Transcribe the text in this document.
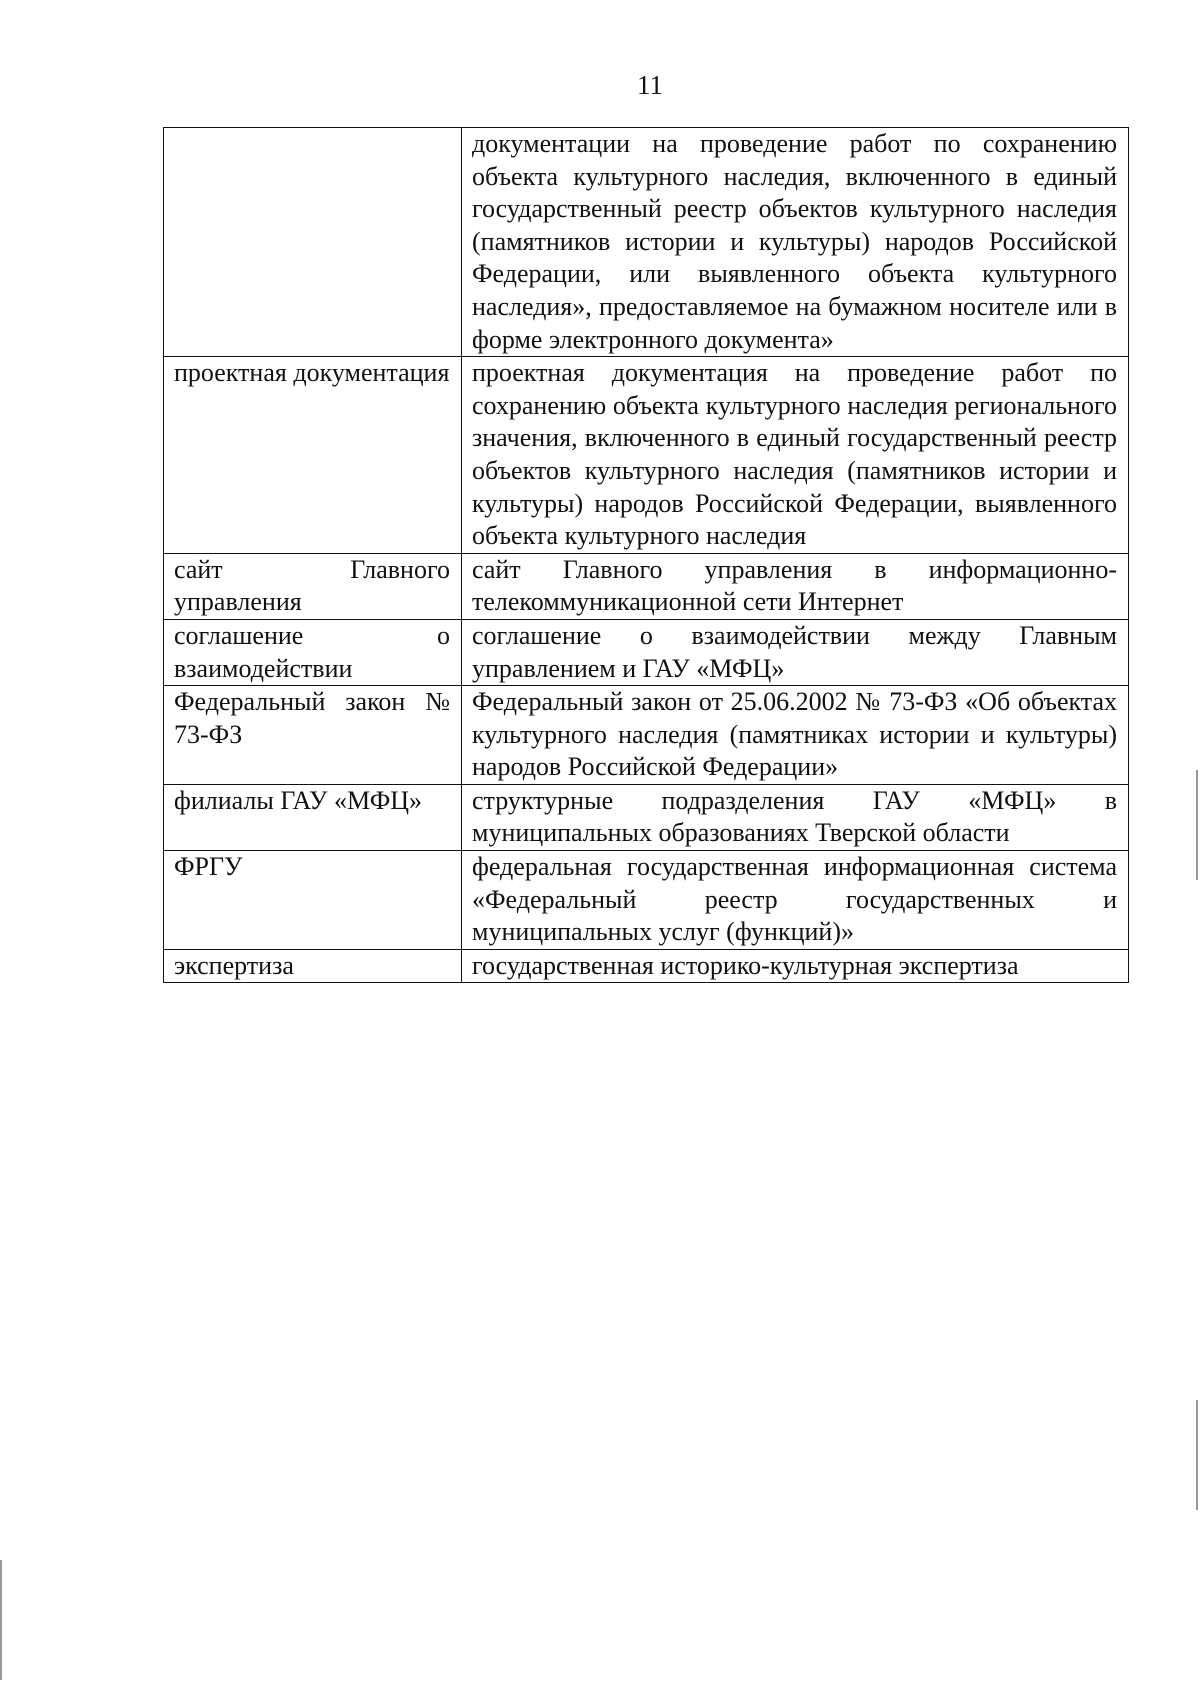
11
	документации на проведение работ по сохранению объекта культурного наследия, включенного в единый государственный реестр объектов культурного наследия (памятников истории и культуры) народов Российской Федерации, или выявленного объекта культурного наследия», предоставляемое на бумажном носителе или в форме электронного документа»
проектная документация	проектная документация на проведение работ по сохранению объекта культурного наследия регионального значения, включенного в единый государственный реестр объектов культурного наследия (памятников истории и культуры) народов Российской Федерации, выявленного объекта культурного наследия
сайт Главного управления	сайт Главного управления в информационно-телекоммуникационной сети Интернет
соглашение о взаимодействии	соглашение о взаимодействии между Главным управлением и ГАУ «МФЦ»
Федеральный закон № 73-ФЗ	Федеральный закон от 25.06.2002 № 73-ФЗ «Об объектах культурного наследия (памятниках истории и культуры) народов Российской Федерации»
филиалы ГАУ «МФЦ»	структурные подразделения ГАУ «МФЦ» в муниципальных образованиях Тверской области
ФРГУ	федеральная государственная информационная система «Федеральный реестр государственных и муниципальных услуг (функций)»
экспертиза	государственная историко-культурная экспертиза
